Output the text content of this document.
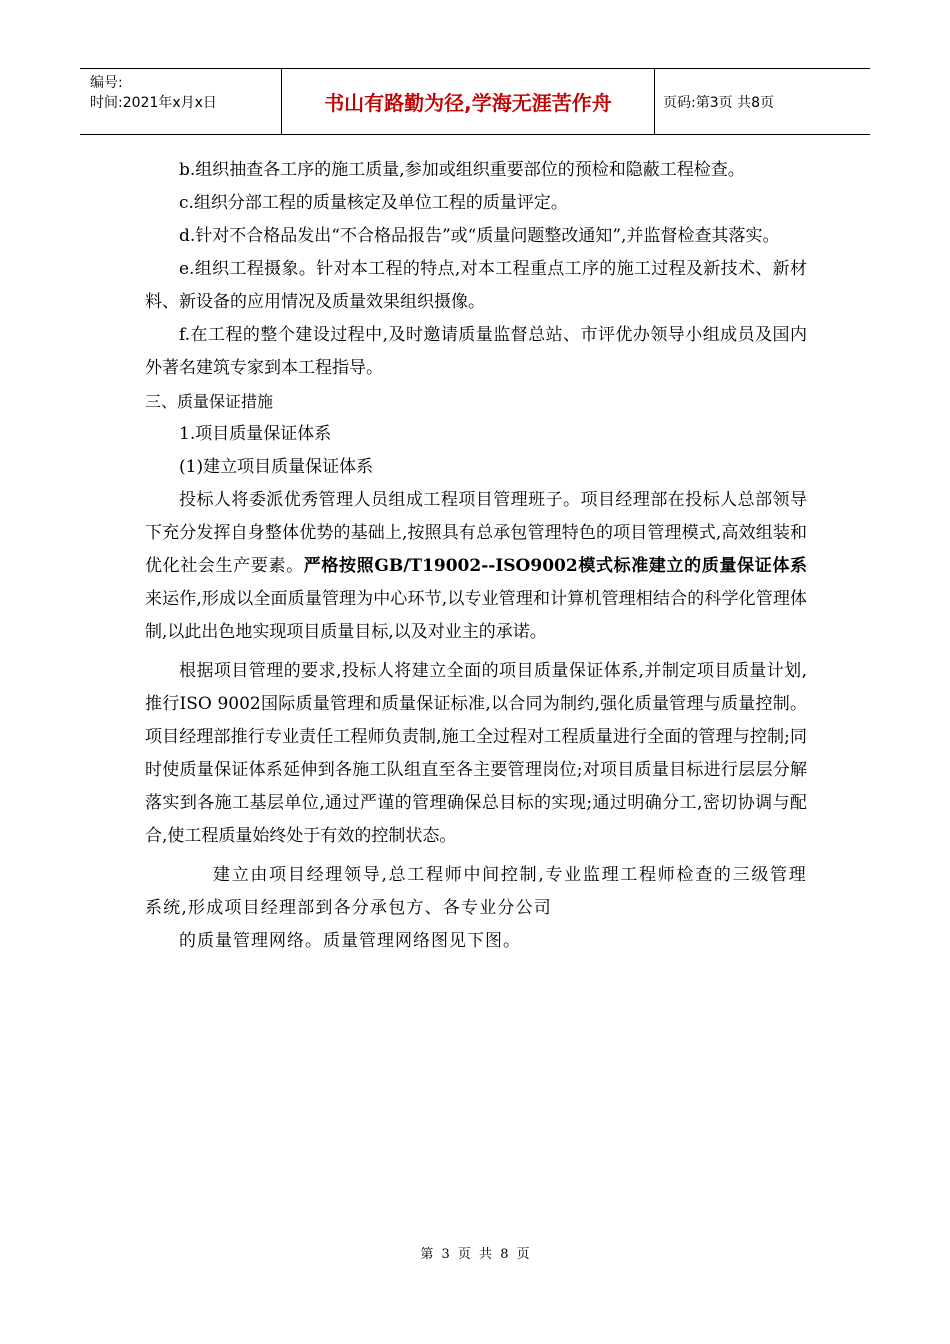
编号:
时间:2021年x月x日	书山有路勤为径,学海无涯苦作舟	页码:第3页 共8页

b.组织抽查各工序的施工质量,参加或组织重要部位的预检和隐蔽工程检查。

c.组织分部工程的质量核定及单位工程的质量评定。

d.针对不合格品发出“不合格品报告”或“质量问题整改通知”,并监督检查其落实。

e.组织工程摄象。针对本工程的特点,对本工程重点工序的施工过程及新技术、新材料、新设备的应用情况及质量效果组织摄像。

f.在工程的整个建设过程中,及时邀请质量监督总站、市评优办领导小组成员及国内外著名建筑专家到本工程指导。

三、质量保证措施

1.项目质量保证体系

(1)建立项目质量保证体系

投标人将委派优秀管理人员组成工程项目管理班子。项目经理部在投标人总部领导下充分发挥自身整体优势的基础上,按照具有总承包管理特色的项目管理模式,高效组装和优化社会生产要素。严格按照GB/T19002--ISO9002模式标准建立的质量保证体系来运作,形成以全面质量管理为中心环节,以专业管理和计算机管理相结合的科学化管理体制,以此出色地实现项目质量目标,以及对业主的承诺。

根据项目管理的要求,投标人将建立全面的项目质量保证体系,并制定项目质量计划,推行ISO 9002国际质量管理和质量保证标准,以合同为制约,强化质量管理与质量控制。项目经理部推行专业责任工程师负责制,施工全过程对工程质量进行全面的管理与控制;同时使质量保证体系延伸到各施工队组直至各主要管理岗位;对项目质量目标进行层层分解落实到各施工基层单位,通过严谨的管理确保总目标的实现;通过明确分工,密切协调与配合,使工程质量始终处于有效的控制状态。

建立由项目经理领导,总工程师中间控制,专业监理工程师检查的三级管理系统,形成项目经理部到各分承包方、各专业分公司

的质量管理网络。质量管理网络图见下图。

第 3 页 共 8 页
